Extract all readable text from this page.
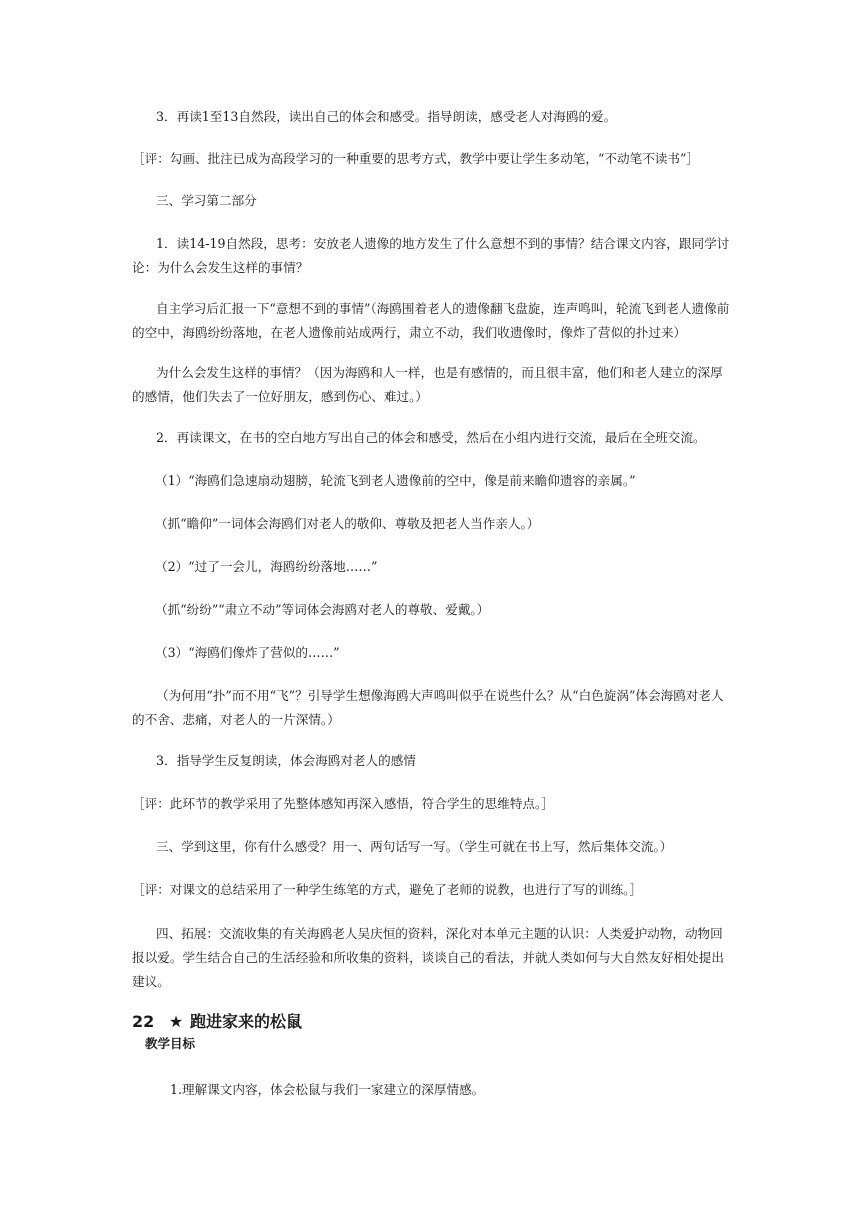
3．再读1至13自然段，读出自己的体会和感受。指导朗读，感受老人对海鸥的爱。

［评：勾画、批注已成为高段学习的一种重要的思考方式，教学中要让学生多动笔，“不动笔不读书”］

三、学习第二部分

1．读14-19自然段，思考：安放老人遗像的地方发生了什么意想不到的事情？结合课文内容，跟同学讨论：为什么会发生这样的事情？

自主学习后汇报一下“意想不到的事情”（海鸥围着老人的遗像翻飞盘旋，连声鸣叫，轮流飞到老人遗像前的空中，海鸥纷纷落地，在老人遗像前站成两行，肃立不动，我们收遗像时，像炸了营似的扑过来）

为什么会发生这样的事情？（因为海鸥和人一样，也是有感情的，而且很丰富，他们和老人建立的深厚的感情，他们失去了一位好朋友，感到伤心、难过。）

2．再读课文，在书的空白地方写出自己的体会和感受，然后在小组内进行交流，最后在全班交流。

（1）“海鸥们急速扇动翅膀，轮流飞到老人遗像前的空中，像是前来瞻仰遗容的亲属。”

（抓“瞻仰”一词体会海鸥们对老人的敬仰、尊敬及把老人当作亲人。）

（2）“过了一会儿，海鸥纷纷落地……”

（抓“纷纷”“肃立不动”等词体会海鸥对老人的尊敬、爱戴。）

（3）“海鸥们像炸了营似的……”

（为何用“扑”而不用“飞”？引导学生想像海鸥大声鸣叫似乎在说些什么？从“白色旋涡”体会海鸥对老人的不舍、悲痛，对老人的一片深情。）

3．指导学生反复朗读，体会海鸥对老人的感情

［评：此环节的教学采用了先整体感知再深入感悟，符合学生的思维特点。］

三、学到这里，你有什么感受？用一、两句话写一写。（学生可就在书上写，然后集体交流。）

［评：对课文的总结采用了一种学生练笔的方式，避免了老师的说教，也进行了写的训练。］

四、拓展：交流收集的有关海鸥老人吴庆恒的资料，深化对本单元主题的认识：人类爱护动物，动物回报以爱。学生结合自己的生活经验和所收集的资料，谈谈自己的看法，并就人类如何与大自然友好相处提出建议。

22 ★ 跑进家来的松鼠
教学目标

1.理解课文内容，体会松鼠与我们一家建立的深厚情感。
